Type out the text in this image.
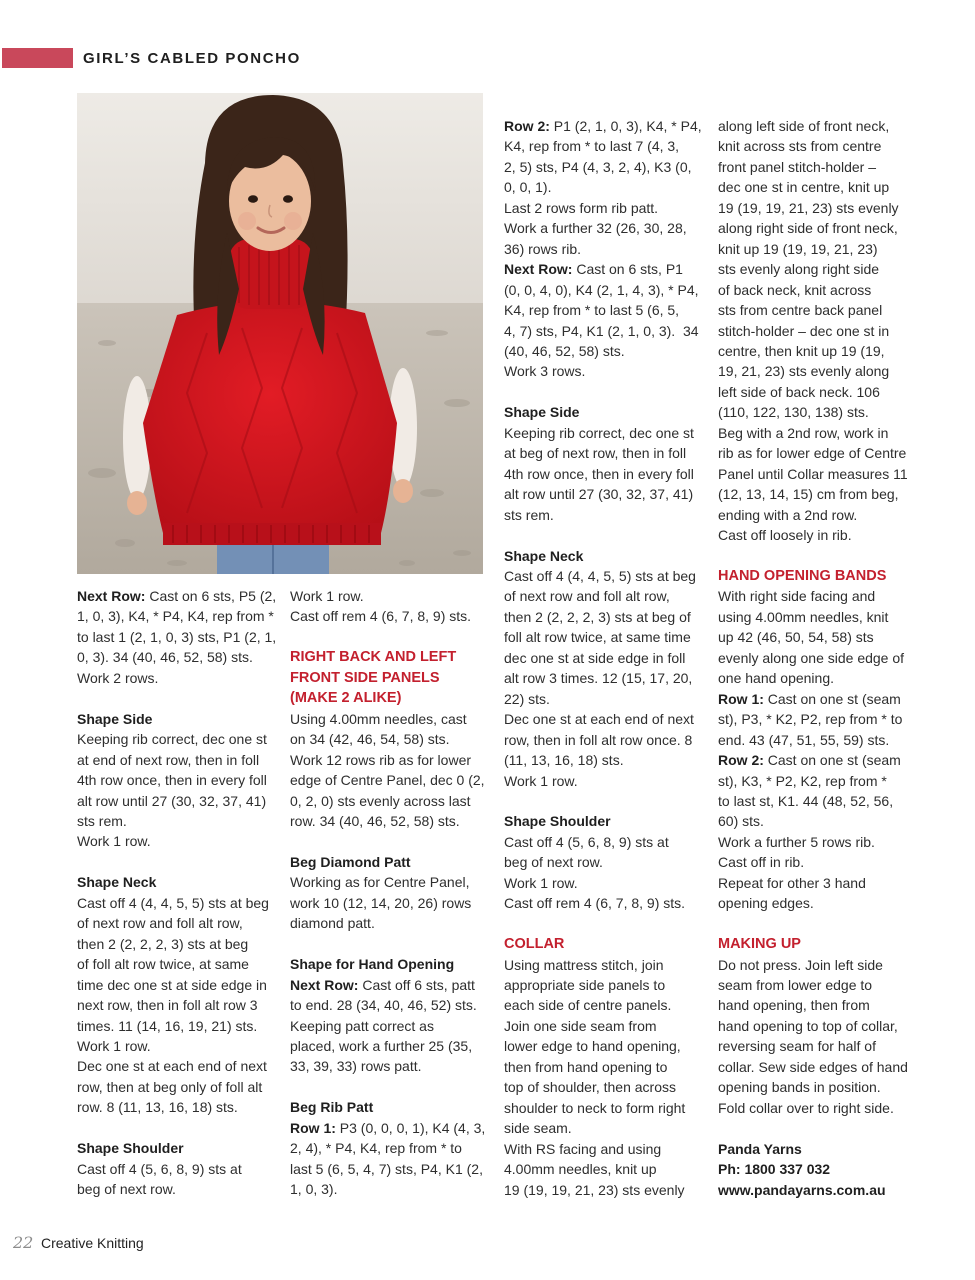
GIRL’S CABLED PONCHO
Next Row: Cast on 6 sts, P5 (2,
1, 0, 3), K4, * P4, K4, rep from *
to last 1 (2, 1, 0, 3) sts, P1 (2, 1,
0, 3). 34 (40, 46, 52, 58) sts.
Work 2 rows.
Shape Side
Keeping rib correct, dec one st
at end of next row, then in foll
4th row once, then in every foll
alt row until 27 (30, 32, 37, 41)
sts rem.
Work 1 row.
Shape Neck
Cast off 4 (4, 4, 5, 5) sts at beg
of next row and foll alt row,
then 2 (2, 2, 2, 3) sts at beg
of foll alt row twice, at same
time dec one st at side edge in
next row, then in foll alt row 3
times. 11 (14, 16, 19, 21) sts.
Work 1 row.
Dec one st at each end of next
row, then at beg only of foll alt
row. 8 (11, 13, 16, 18) sts.
Shape Shoulder
Cast off 4 (5, 6, 8, 9) sts at
beg of next row.
Work 1 row.
Cast off rem 4 (6, 7, 8, 9) sts.
RIGHT BACK AND LEFT
FRONT SIDE PANELS
(MAKE 2 ALIKE)
Using 4.00mm needles, cast
on 34 (42, 46, 54, 58) sts.
Work 12 rows rib as for lower
edge of Centre Panel, dec 0 (2,
0, 2, 0) sts evenly across last
row. 34 (40, 46, 52, 58) sts.
Beg Diamond Patt
Working as for Centre Panel,
work 10 (12, 14, 20, 26) rows
diamond patt.
Shape for Hand Opening
Next Row: Cast off 6 sts, patt
to end. 28 (34, 40, 46, 52) sts.
Keeping patt correct as
placed, work a further 25 (35,
33, 39, 33) rows patt.
Beg Rib Patt
Row 1: P3 (0, 0, 0, 1), K4 (4, 3,
2, 4), * P4, K4, rep from * to
last 5 (6, 5, 4, 7) sts, P4, K1 (2,
1, 0, 3).
Row 2: P1 (2, 1, 0, 3), K4, * P4,
K4, rep from * to last 7 (4, 3,
2, 5) sts, P4 (4, 3, 2, 4), K3 (0,
0, 0, 1).
Last 2 rows form rib patt.
Work a further 32 (26, 30, 28,
36) rows rib.
Next Row: Cast on 6 sts, P1
(0, 0, 4, 0), K4 (2, 1, 4, 3), * P4,
K4, rep from * to last 5 (6, 5,
4, 7) sts, P4, K1 (2, 1, 0, 3).  34
(40, 46, 52, 58) sts.
Work 3 rows.
Shape Side
Keeping rib correct, dec one st
at beg of next row, then in foll
4th row once, then in every foll
alt row until 27 (30, 32, 37, 41)
sts rem.
Shape Neck
Cast off 4 (4, 4, 5, 5) sts at beg
of next row and foll alt row,
then 2 (2, 2, 2, 3) sts at beg of
foll alt row twice, at same time
dec one st at side edge in foll
alt row 3 times. 12 (15, 17, 20,
22) sts.
Dec one st at each end of next
row, then in foll alt row once. 8
(11, 13, 16, 18) sts.
Work 1 row.
Shape Shoulder
Cast off 4 (5, 6, 8, 9) sts at
beg of next row.
Work 1 row.
Cast off rem 4 (6, 7, 8, 9) sts.
COLLAR
Using mattress stitch, join
appropriate side panels to
each side of centre panels.
Join one side seam from
lower edge to hand opening,
then from hand opening to
top of shoulder, then across
shoulder to neck to form right
side seam.
With RS facing and using
4.00mm needles, knit up
19 (19, 19, 21, 23) sts evenly
along left side of front neck,
knit across sts from centre
front panel stitch-holder –
dec one st in centre, knit up
19 (19, 19, 21, 23) sts evenly
along right side of front neck,
knit up 19 (19, 19, 21, 23)
sts evenly along right side
of back neck, knit across
sts from centre back panel
stitch-holder – dec one st in
centre, then knit up 19 (19,
19, 21, 23) sts evenly along
left side of back neck. 106
(110, 122, 130, 138) sts.
Beg with a 2nd row, work in
rib as for lower edge of Centre
Panel until Collar measures 11
(12, 13, 14, 15) cm from beg,
ending with a 2nd row.
Cast off loosely in rib.
HAND OPENING BANDS
With right side facing and
using 4.00mm needles, knit
up 42 (46, 50, 54, 58) sts
evenly along one side edge of
one hand opening.
Row 1: Cast on one st (seam
st), P3, * K2, P2, rep from * to
end. 43 (47, 51, 55, 59) sts.
Row 2: Cast on one st (seam
st), K3, * P2, K2, rep from *
to last st, K1. 44 (48, 52, 56,
60) sts.
Work a further 5 rows rib.
Cast off in rib.
Repeat for other 3 hand
opening edges.
MAKING UP
Do not press. Join left side
seam from lower edge to
hand opening, then from
hand opening to top of collar,
reversing seam for half of
collar. Sew side edges of hand
opening bands in position.
Fold collar over to right side.
Panda Yarns
Ph: 1800 337 032
www.pandayarns.com.au
22 Creative Knitting
